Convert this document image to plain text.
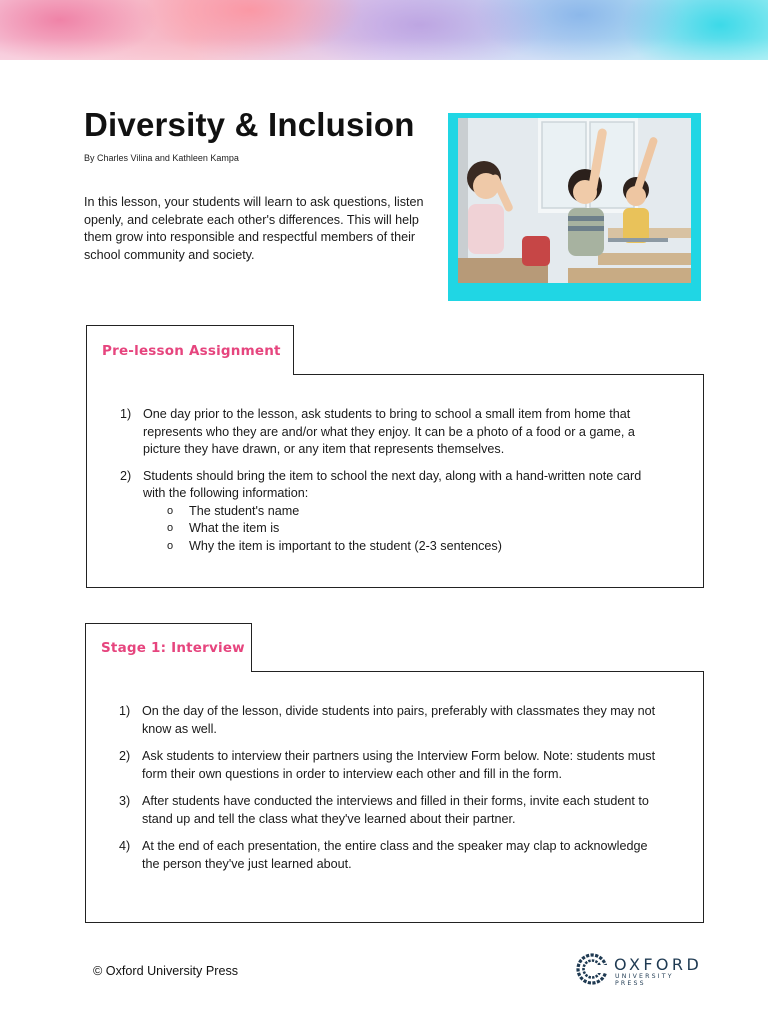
Diversity & Inclusion
By Charles Vilina and Kathleen Kampa

In this lesson, your students will learn to ask questions, listen openly, and celebrate each other's differences. This will help them grow into responsible and respectful members of their school community and society.

Pre-lesson Assignment
1) One day prior to the lesson, ask students to bring to school a small item from home that represents who they are and/or what they enjoy. It can be a photo of a food or a game, a picture they have drawn, or any item that represents themselves.
2) Students should bring the item to school the next day, along with a hand-written note card with the following information:
o The student's name
o What the item is
o Why the item is important to the student (2-3 sentences)
Stage 1: Interview
1) On the day of the lesson, divide students into pairs, preferably with classmates they may not know as well.
2) Ask students to interview their partners using the Interview Form below. Note: students must form their own questions in order to interview each other and fill in the form.
3) After students have conducted the interviews and filled in their forms, invite each student to stand up and tell the class what they've learned about their partner.
4) At the end of each presentation, the entire class and the speaker may clap to acknowledge the person they've just learned about.
© Oxford University Press	OXFORD
UNIVERSITY PRESS
